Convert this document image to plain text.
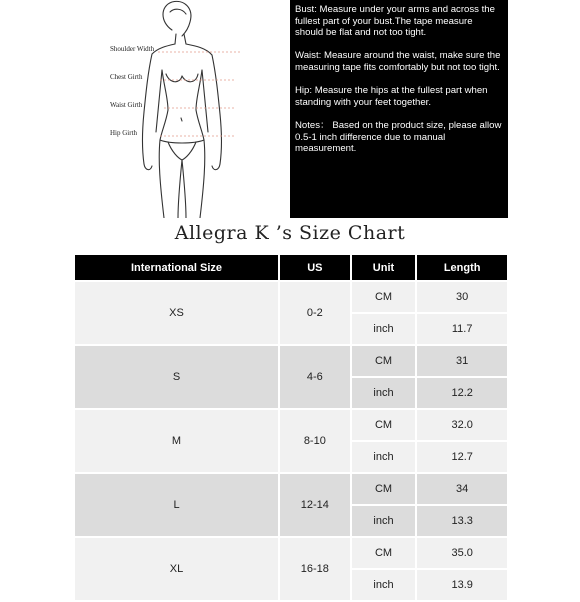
Shoulder Width
Chest Girth
Waist Girth
Hip Girth

Bust: Measure under your arms and across the fullest part of your bust.The tape measure should be flat and not too tight.

Waist: Measure around the waist, make sure the measuring tape fits comfortably but not too tight.

Hip: Measure the hips at the fullest part when standing with your feet together.

Notes： Based on the product size, please allow 0.5-1 inch difference due to manual measurement.

Allegra K ’s Size Chart
International Size	US	Unit	Length
XS	0-2	CM	30
		inch	11.7
S	4-6	CM	31
		inch	12.2
M	8-10	CM	32.0
		inch	12.7
L	12-14	CM	34
		inch	13.3
XL	16-18	CM	35.0
		inch	13.9
